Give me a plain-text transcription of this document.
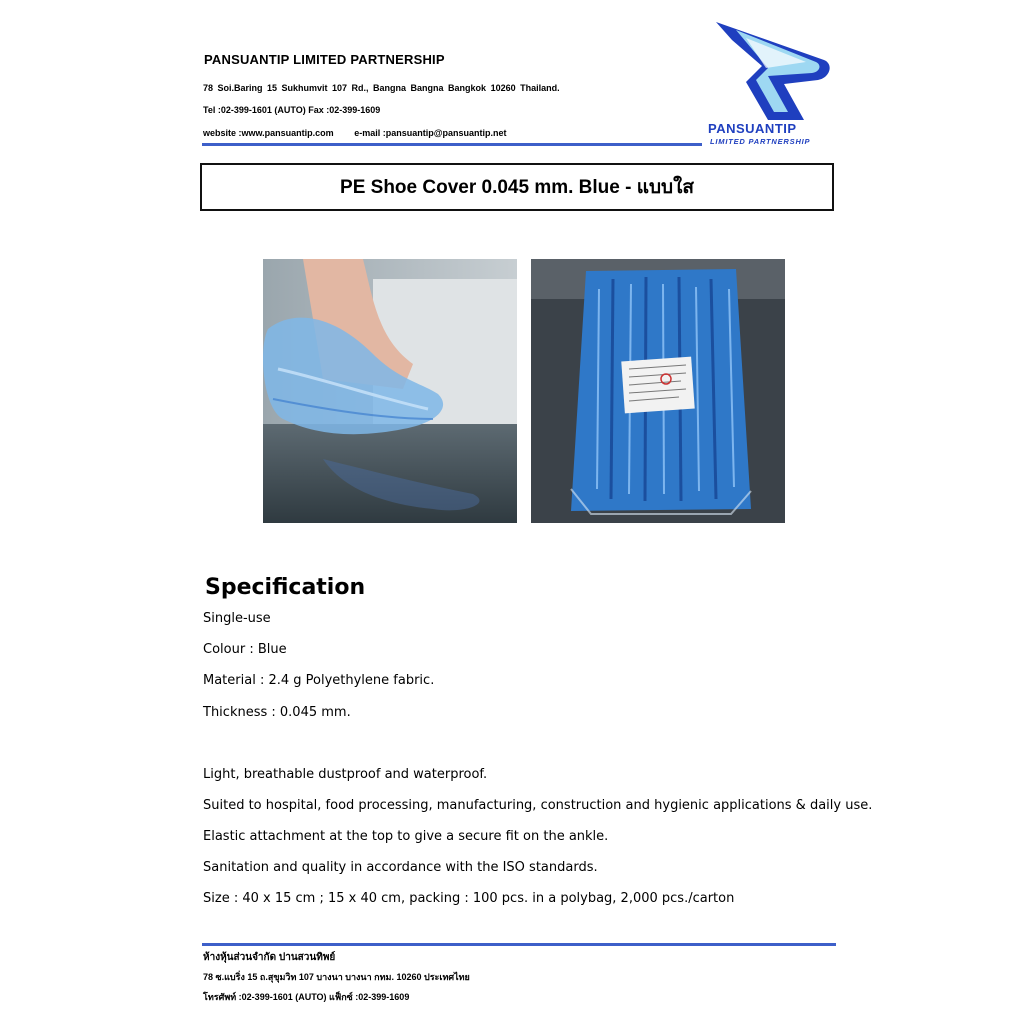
PANSUANTIP LIMITED PARTNERSHIP
78 Soi.Baring 15 Sukhumvit 107 Rd., Bangna Bangna Bangkok 10260 Thailand.
Tel :02-399-1601 (AUTO) Fax :02-399-1609
website :www.pansuantip.com e-mail :pansuantip@pansuantip.net	PANSUANTIP
LIMITED PARTNERSHIP
PE Shoe Cover 0.045 mm. Blue - แบบใส
Specification
Single-use
Colour : Blue
Material : 2.4 g Polyethylene fabric.
Thickness : 0.045 mm.
Light, breathable dustproof and waterproof.
Suited to hospital, food processing, manufacturing, construction and hygienic applications & daily use.
Elastic attachment at the top to give a secure fit on the ankle.
Sanitation and quality in accordance with the ISO standards.
Size : 40 x 15 cm ; 15 x 40 cm, packing : 100 pcs. in a polybag, 2,000 pcs./carton
ห้างหุ้นส่วนจำกัด ปานสวนทิพย์
78 ซ.แบริ่ง 15 ถ.สุขุมวิท 107 บางนา บางนา กทม. 10260 ประเทศไทย
โทรศัพท์ :02-399-1601 (AUTO) แฟ็กซ์ :02-399-1609
